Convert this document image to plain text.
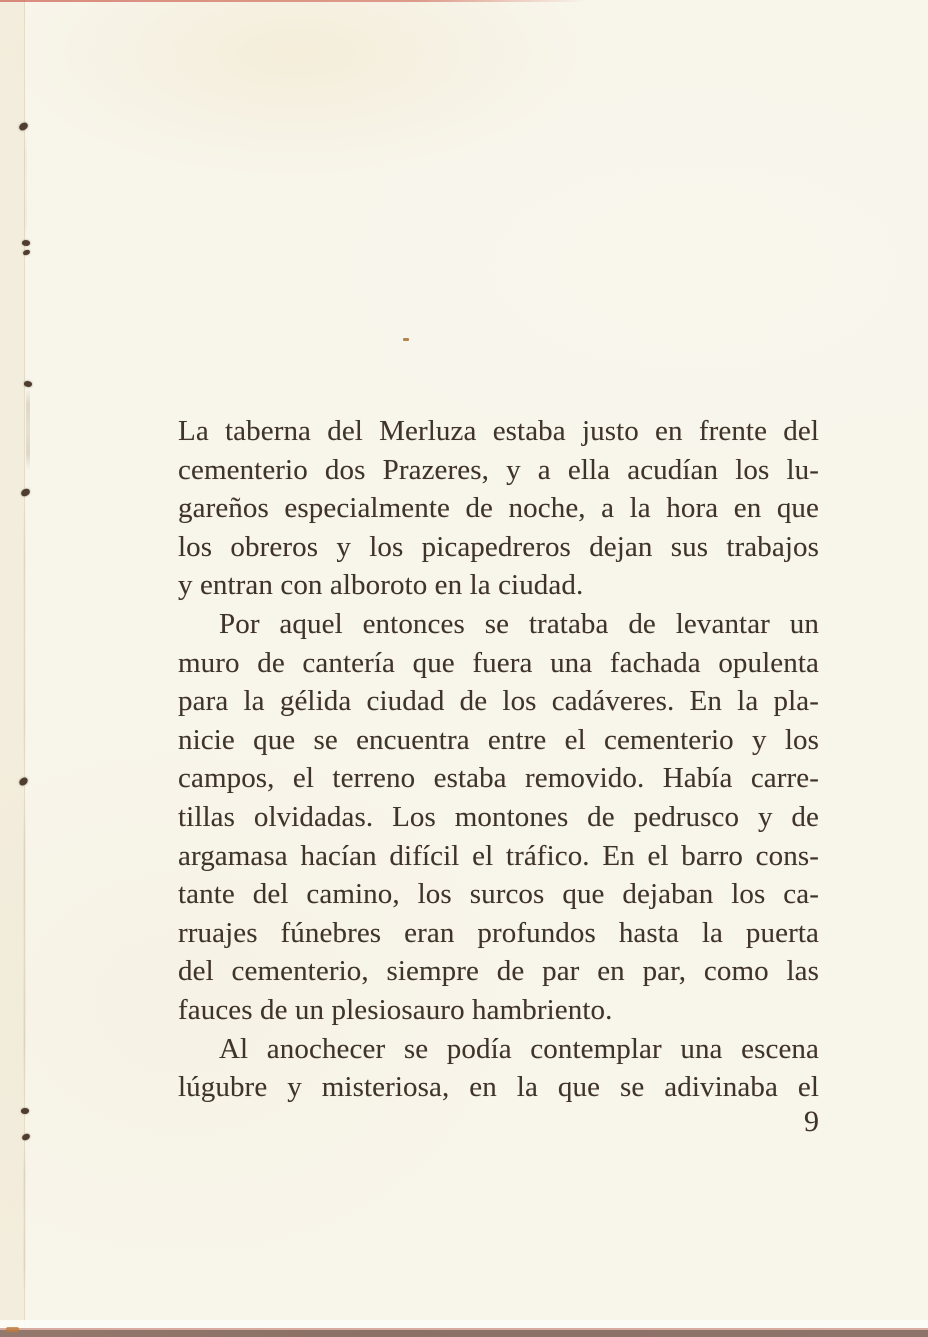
La taberna del Merluza estaba justo en frente del
cementerio dos Prazeres, y a ella acudían los lu-
gareños especialmente de noche, a la hora en que
los obreros y los picapedreros dejan sus trabajos
y entran con alboroto en la ciudad.
Por aquel entonces se trataba de levantar un
muro de cantería que fuera una fachada opulenta
para la gélida ciudad de los cadáveres. En la pla-
nicie que se encuentra entre el cementerio y los
campos, el terreno estaba removido. Había carre-
tillas olvidadas. Los montones de pedrusco y de
argamasa hacían difícil el tráfico. En el barro cons-
tante del camino, los surcos que dejaban los ca-
rruajes fúnebres eran profundos hasta la puerta
del cementerio, siempre de par en par, como las
fauces de un plesiosauro hambriento.
Al anochecer se podía contemplar una escena
lúgubre y misteriosa, en la que se adivinaba el
9
